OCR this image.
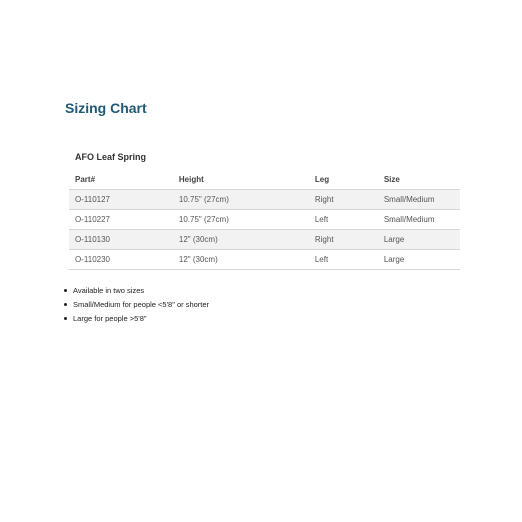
Sizing Chart
AFO Leaf Spring
Part#	Height	Leg	Size
O-110127	10.75" (27cm)	Right	Small/Medium
O-110227	10.75" (27cm)	Left	Small/Medium
O-110130	12" (30cm)	Right	Large
O-110230	12" (30cm)	Left	Large
Available in two sizes
Small/Medium for people <5'8" or shorter
Large for people >5'8"
